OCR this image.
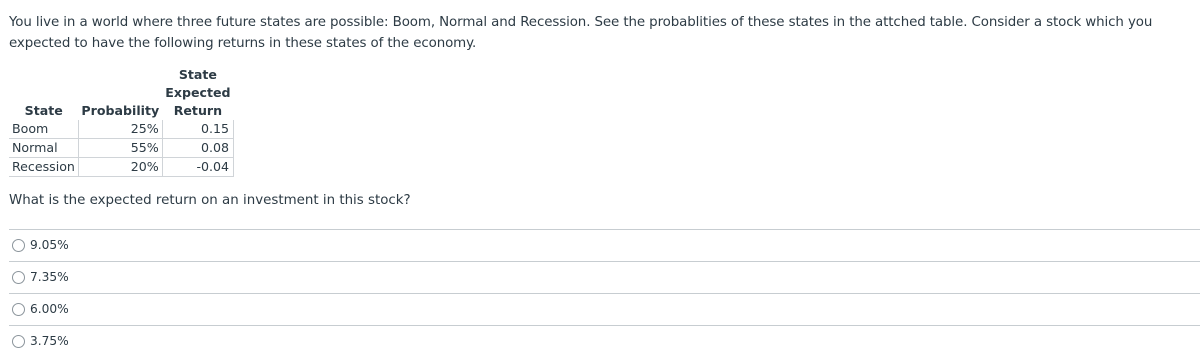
You live in a world where three future states are possible: Boom, Normal and Recession. See the probablities of these states in the attched table. Consider a stock which you expected to have the following returns in these states of the economy.
		State
		Expected
State	Probability	Return
Boom	25%	0.15
Normal	55%	0.08
Recession	20%	-0.04
What is the expected return on an investment in this stock?
9.05%
7.35%
6.00%
3.75%
